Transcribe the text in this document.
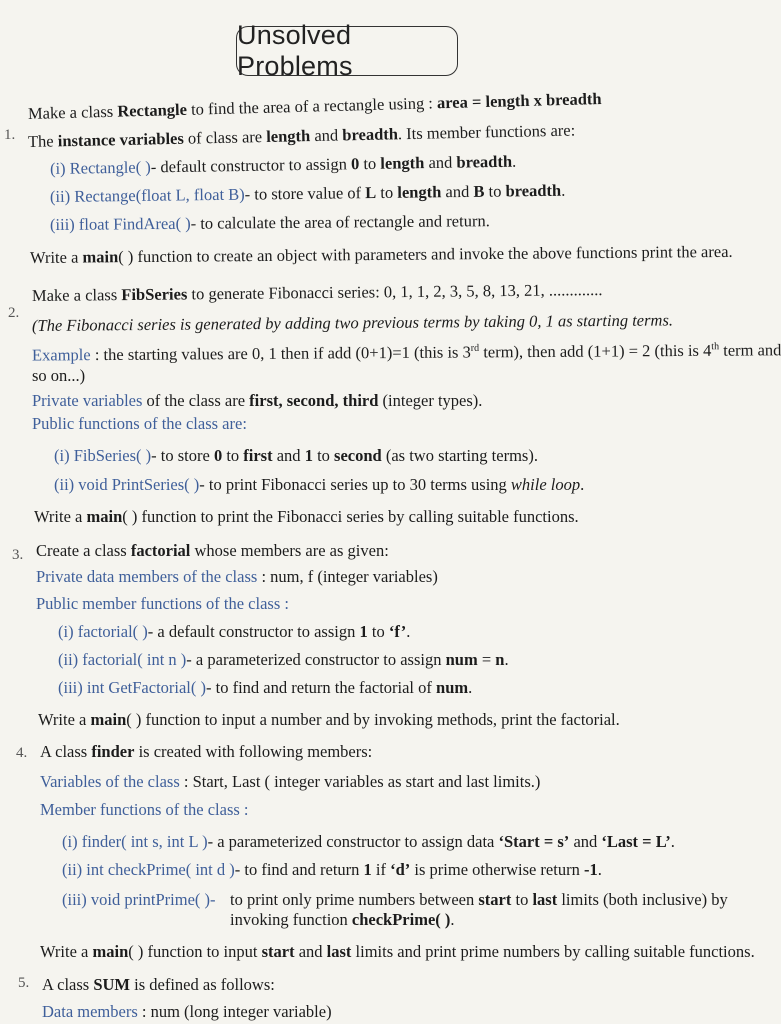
Unsolved Problems
1.
Make a class Rectangle to find the area of a rectangle using : area = length x breadth
The instance variables of class are length and breadth. Its member functions are:
(i) Rectangle( )- default constructor to assign 0 to length and breadth.
(ii) Rectange(float L, float B)- to store value of L to length and B to breadth.
(iii) float FindArea( )- to calculate the area of rectangle and return.
Write a main( ) function to create an object with parameters and invoke the above functions print the area.
2.
Make a class FibSeries to generate Fibonacci series: 0, 1, 1, 2, 3, 5, 8, 13, 21, .............
(The Fibonacci series is generated by adding two previous terms by taking 0, 1 as starting terms.
Example : the starting values are 0, 1 then if add (0+1)=1 (this is 3rd term), then add (1+1) = 2 (this is 4th term and
so on...)
Private variables of the class are first, second, third (integer types).
Public functions of the class are:
(i) FibSeries( )- to store 0 to first and 1 to second (as two starting terms).
(ii) void PrintSeries( )- to print Fibonacci series up to 30 terms using while loop.
Write a main( ) function to print the Fibonacci series by calling suitable functions.
3. Create a class factorial whose members are as given:
Private data members of the class : num, f (integer variables)
Public member functions of the class :
(i) factorial( )- a default constructor to assign 1 to ‘f’.
(ii) factorial( int n )- a parameterized constructor to assign num = n.
(iii) int GetFactorial( )- to find and return the factorial of num.
Write a main( ) function to input a number and by invoking methods, print the factorial.
4. A class finder is created with following members:
Variables of the class : Start, Last ( integer variables as start and last limits.)
Member functions of the class :
(i) finder( int s, int L )- a parameterized constructor to assign data ‘Start = s’ and ‘Last = L’.
(ii) int checkPrime( int d )- to find and return 1 if ‘d’ is prime otherwise return -1.
(iii) void printPrime( )- to print only prime numbers between start to last limits (both inclusive) by
invoking function checkPrime( ).
Write a main( ) function to input start and last limits and print prime numbers by calling suitable functions.
5. A class SUM is defined as follows:
Data members : num (long integer variable)
